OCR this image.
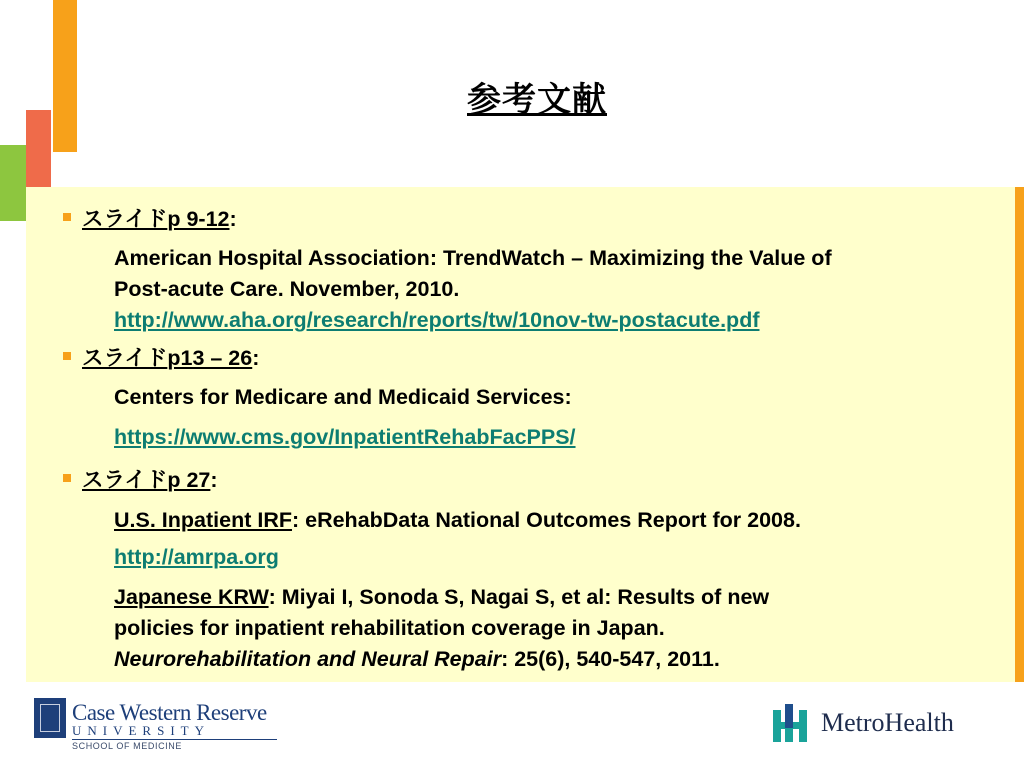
参考文献
スライドp 9-12:
American Hospital Association: TrendWatch – Maximizing the Value of
Post-acute Care. November, 2010.
http://www.aha.org/research/reports/tw/10nov-tw-postacute.pdf
スライドp13 – 26:
Centers for Medicare and Medicaid Services:
https://www.cms.gov/InpatientRehabFacPPS/
スライドp 27:
U.S. Inpatient IRF: eRehabData National Outcomes Report for 2008.
http://amrpa.org
Japanese KRW: Miyai I, Sonoda S, Nagai S, et al: Results of new
policies for inpatient rehabilitation coverage in Japan.
Neurorehabilitation and Neural Repair: 25(6), 540-547, 2011.
Case Western Reserve
UNIVERSITY
SCHOOL OF MEDICINE
MetroHealth
